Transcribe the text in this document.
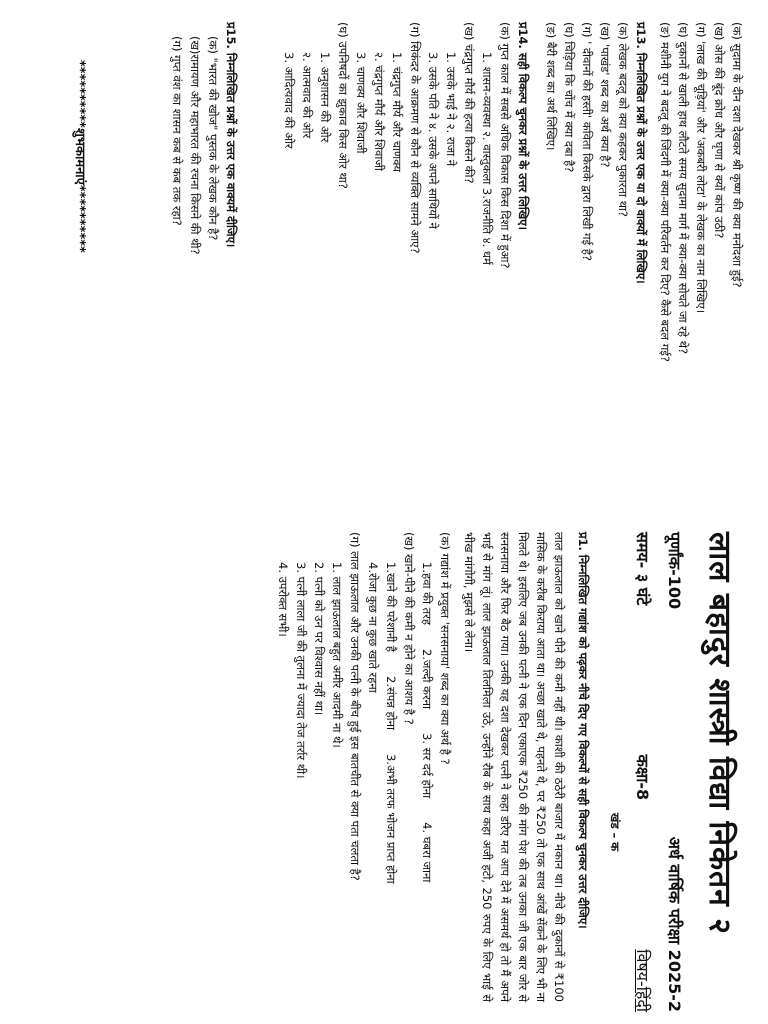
(क) सुदामा के दीन दशा देखकर श्री कृष्ण की क्या मनोदशा हुई?

(ख) ओस की बूंद क्रोध और घृणा से क्यों कांप उठी?

(ग) 'लाख की चूड़ियां' और 'अकबरी लोटा' के लेखक का नाम लिखिए।

(घ) दुकानों से खाली हाथ लौटते समय सुदामा मार्ग में क्या-क्या सोचते जा रहे थे?

(ङ) मशीनी युग ने बदलू की जिंदगी में क्या-क्या परिवर्तन कर दिए? कैसे बदल गई?

प्र13. निम्नलिखित प्रश्नों के उत्तर एक या दो वाक्यों में लिखिए।

(क) लेखक बदलू को क्या कहकर पुकारता था?

(ख) 'पाखंड' शब्द का अर्थ क्या है?

(ग) ' दीवानों की हस्ती' कविता किसके द्वारा लिखी गई है?

(घ) चिड़िया कि चोंच में क्या दबा है?

(ङ) बैरी शब्द का अर्थ लिखिए।

प्र14. सही विकल्प चुनकर प्रश्नों के उत्तर लिखिए।

(क) गुप्त काल में सबसे अधिक विकास किस दिशा में हुआ?

1. शासन-व्यवस्था २. वास्तुकला 3.राजनीति ४. धर्म

(ख) चंद्रगुप्त मौर्य की हत्या किसने की?

1. उसके भाई ने २. राजा ने

3. उसके पति ने ४. उसके अपने साथियों ने

(ग) सिकंदर के आक्रमण से कौन से व्यक्ति सामने आए?

1. चंद्रगुप्त मौर्य और चाणक्य

२. चंद्रगुप्त मौर्य और शिवाजी

3. चाणक्य और शिवाजी

(घ) उपनिषदों का झुकाव किस ओर था?

1. अनुशासन की ओर

२. आत्मवाद की ओर

3. आदित्यवाद की ओर

प्र15. निम्नलिखित प्रश्नों के उत्तर एक वाक्यमें दीजिए।

(क) "भारत की खोज" पुस्तक के लेखक कौन है?

(ख)रामायण और महाभारत की रचना किसने की थी?

(ग) गुप्त वंश का शासन कब से कब तक रहा?

**********शुभकामनाएं**********

लाल बहादुर शास्त्री विद्या निकेतन २
पूर्णांक-100
अर्ध वार्षिक परीक्षा 2025-2
समय- ३ घंटे
कक्षा-8
विषय-हिंदी
खंड – क

प्र1. निम्नलिखित गद्यांश को पढ़कर नीचे दिए गए विकल्पों से सही विकल्प चुनकर उत्तर दीजिए।

लाल झाऊलाल को खाने पीने की कमी नहीं थी। काशी की ठठेरी बाजार में मकान था। नीचे की दुकानों से ₹100 मासिक के करीब किराया आता था। अच्छा खाते थे, पहनते थे, पर ₹250 तो एक साथ आंखें सेंकने के लिए भी ना मिलते थे। इसलिए जब उनकी पत्नी ने एक दिन एकाएक ₹250 की मांग पेश की तब उनका जी एक बार जोर से सनसनाया और फिर बैठ गया। उनकी यह दशा देखकर पत्नी ने कहा डरिए मत आप देने में असमर्थ हो तो मैं अपने भाई से मांग लूं। लाल झाऊलाल तिलमिला उठे, उन्होंने रौब के साथ कहा अजी हटो, 250 रुपए के लिए भाई से भीख मांगोगी, मुझसे ले लेना।

(क) गद्यांश में प्रयुक्त 'सनसनाया' शब्द का क्या अर्थ है ?

1.हवा की तरह
2.जल्दी करना
3. सर दर्द होना
4. घबरा जाना

(ख) खाने-पीने की कमी न होने का आशय है ?

1.खाने की परेशानी है
2.संपन्न होना
3.अभी तरफ भोजन प्राप्त होना

4.रोजा कुछ ना कुछ खाते रहना

(ग) लाल झाऊलाल और उनकी पत्नी के बीच हुई इस बातचीत से क्या पता चलता है?

1. लाल झाऊलाल बहुत अमीर आदमी ना थे।

2. पत्नी को उन पर विश्वास नहीं था।

3. पत्नी लाला जी की तुलना में ज्यादा तेज तर्रार थी।

4. उपरोक्त सभी।
